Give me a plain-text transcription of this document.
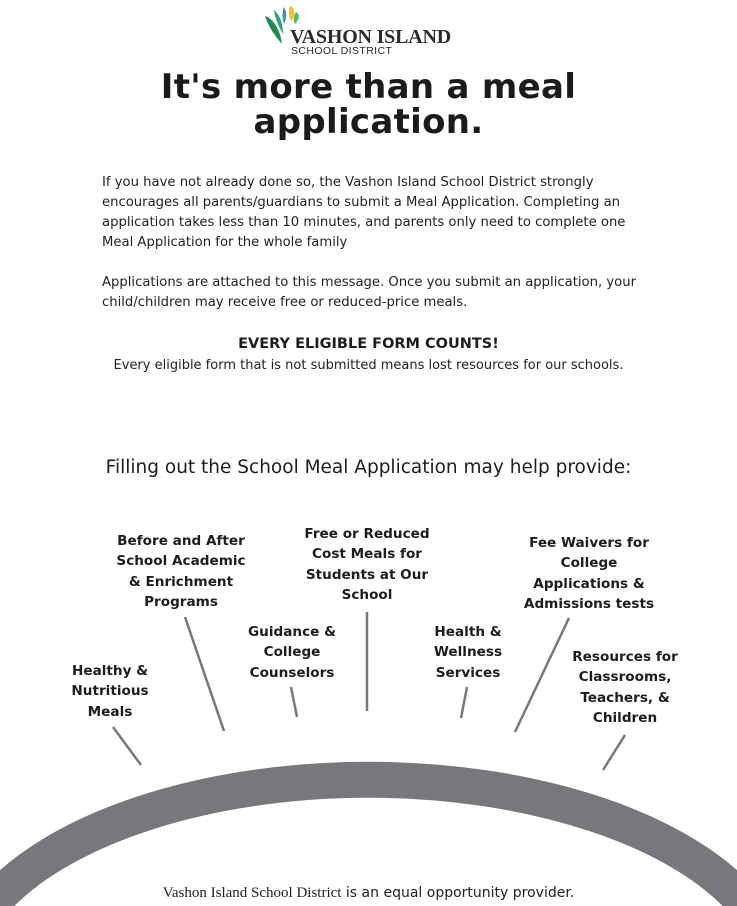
VASHON ISLAND
SCHOOL DISTRICT
It's more than a meal
application.
If you have not already done so, the Vashon Island School District strongly
encourages all parents/guardians to submit a Meal Application. Completing an
application takes less than 10 minutes, and parents only need to complete one
Meal Application for the whole family
Applications are attached to this message. Once you submit an application, your
child/children may receive free or reduced-price meals.
EVERY ELIGIBLE FORM COUNTS!
Every eligible form that is not submitted means lost resources for our schools.
Filling out the School Meal Application may help provide:
Healthy &
Nutritious
Meals
Before and After
School Academic
& Enrichment
Programs
Guidance &
College
Counselors
Free or Reduced
Cost Meals for
Students at Our
School
Health &
Wellness
Services
Fee Waivers for
College
Applications &
Admissions tests
Resources for
Classrooms,
Teachers, &
Children
Vashon Island School District is an equal opportunity provider.
